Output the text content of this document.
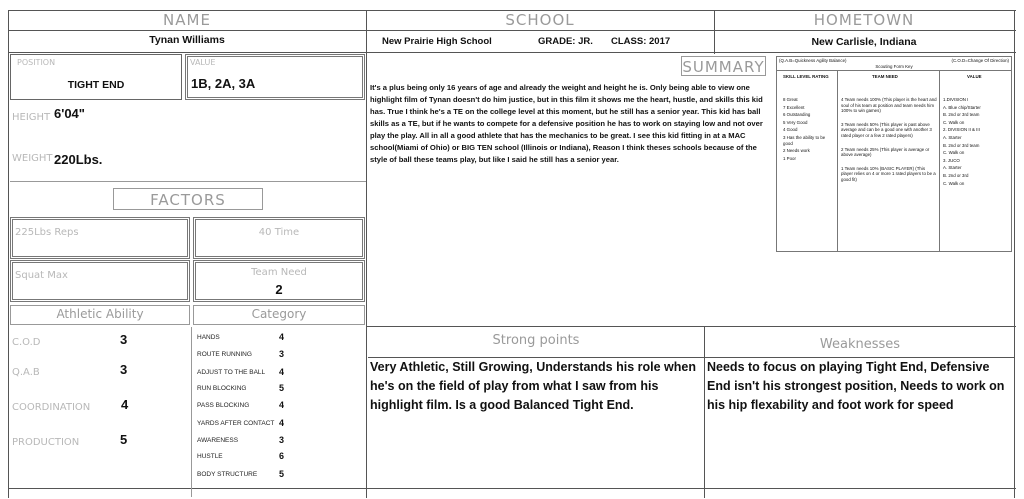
NAME	SCHOOL	HOMETOWN
Tynan Williams	New Prairie High School	GRADE: JR. CLASS: 2017	New Carlisle, Indiana
POSITION
TIGHT END
VALUE
1B, 2A, 3A
HEIGHT 6'04"
WEIGHT 220Lbs.
FACTORS
225Lbs Reps	40 Time
Squat Max	Team Need
2
Athletic Ability	Category
C.O.D	3
Q.A.B	3
COORDINATION 4
PRODUCTION	5
HANDS	4
ROUTE RUNNING	3
ADJUST TO THE BALL 4
RUN BLOCKING	5
PASS BLOCKING	4
YARDS AFTER CONTACT 4
AWARENESS	3
HUSTLE	6
BODY STRUCTURE 5
SUMMARY
It's a plus being only 16 years of age and already the weight and height he is. Only being able to view one highlight film of Tynan doesn't do him justice, but in this film it shows me the heart, hustle, and skills this kid has. True I think he's a TE on the college level at this moment, but he still has a senior year. This kid has ball skills as a TE, but if he wants to compete for a defensive position he has to work on staying low and not over play the play. All in all a good athlete that has the mechanics to be great. I see this kid fitting in at a MAC school(Miami of Ohio) or BIG TEN school (Illinois or Indiana), Reason I think theses schools because of the style of ball these teams play, but like I said he still has a senior year.
(Q.A.B=Quickness Agility Balance)	(C.O.D=Change Of Direction)
Scouting Form Key
SKILL LEVEL RATING	TEAM NEED	VALUE
8 Great
7 Excellent
6 Outstanding
5 Very Good
4 Good
3 Has the ability to be good
2 Needs work
1 Poor
4 Team needs 100% (This player is the heart and soul of his team at position and team needs him 100% to win games)
3 Team needs 50% (This player is past above average and can be a good one with another 3 rated player or a few 2 rated players)
2 Team needs 25% (This player is average or above average)
1 Team needs 10% (BASIC PLAYER) (This player relies on 4 or more 1 rated players to be a good fit)
1.DIVISION I
A. Blue chip/Starter
B. 2nd or 3rd team
C. Walk on
2. DIVISION II & III
A. Starter
B. 2nd or 3rd team
C. Walk on
3. JUCO
A. Starter
B. 2nd or 3rd
C. Walk on
Strong points	Weaknesses
Very Athletic, Still Growing, Understands his role when he's on the field of play from what I saw from his highlight film. Is a good Balanced Tight End.
Needs to focus on playing Tight End, Defensive End isn't his strongest position, Needs to work on his hip flexability and foot work for speed
